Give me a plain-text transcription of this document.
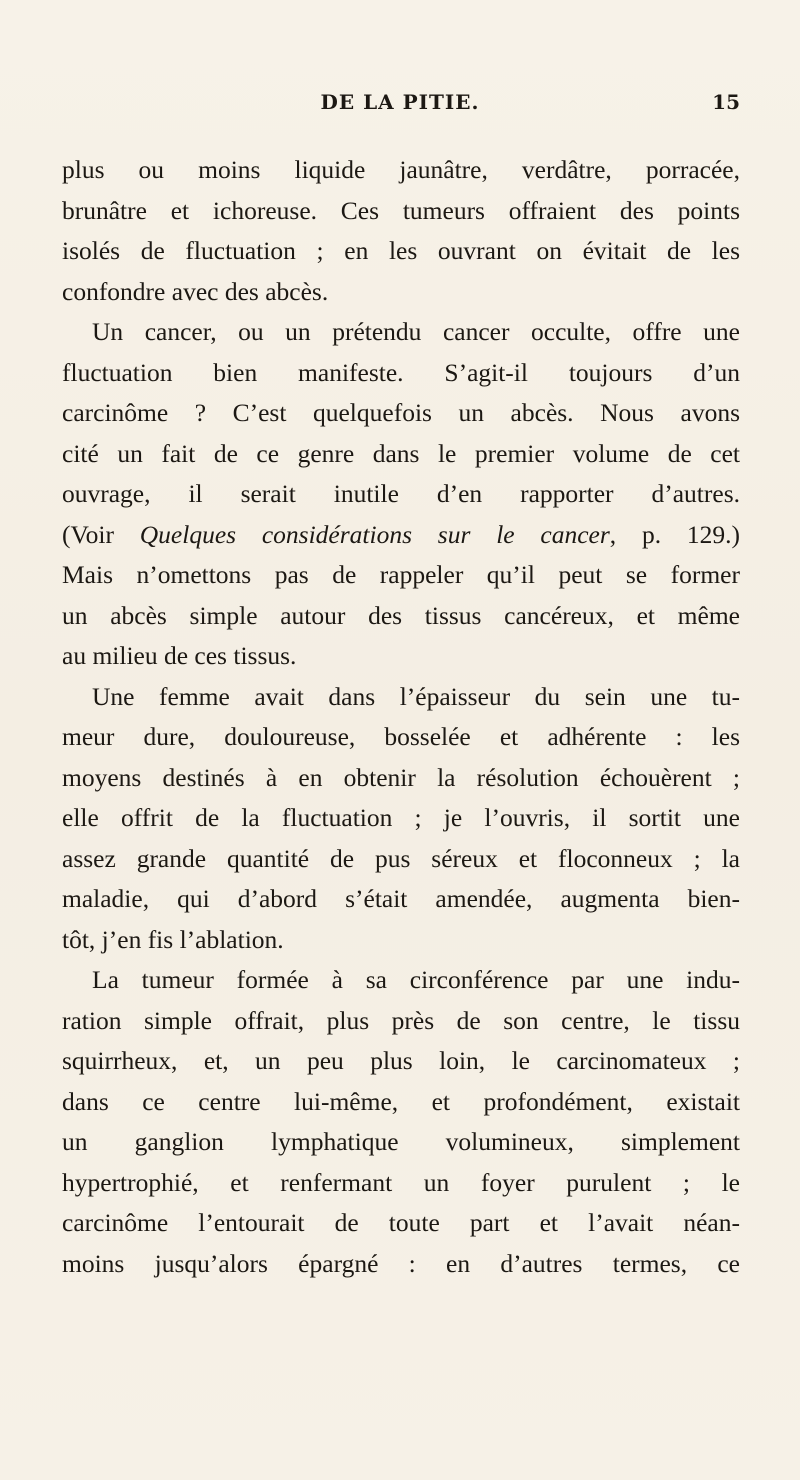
DE LA PITIE.	15
plus ou moins liquide jaunâtre, verdâtre, porracée,
brunâtre et ichoreuse. Ces tumeurs offraient des points
isolés de fluctuation ; en les ouvrant on évitait de les
confondre avec des abcès.
Un cancer, ou un prétendu cancer occulte, offre une
fluctuation bien manifeste. S’agit-il toujours d’un
carcinôme ? C’est quelquefois un abcès. Nous avons
cité un fait de ce genre dans le premier volume de cet
ouvrage, il serait inutile d’en rapporter d’autres.
(Voir Quelques considérations sur le cancer, p. 129.)
Mais n’omettons pas de rappeler qu’il peut se former
un abcès simple autour des tissus cancéreux, et même
au milieu de ces tissus.
Une femme avait dans l’épaisseur du sein une tu-
meur dure, douloureuse, bosselée et adhérente : les
moyens destinés à en obtenir la résolution échouèrent ;
elle offrit de la fluctuation ; je l’ouvris, il sortit une
assez grande quantité de pus séreux et floconneux ; la
maladie, qui d’abord s’était amendée, augmenta bien-
tôt, j’en fis l’ablation.
La tumeur formée à sa circonférence par une indu-
ration simple offrait, plus près de son centre, le tissu
squirrheux, et, un peu plus loin, le carcinomateux ;
dans ce centre lui-même, et profondément, existait
un ganglion lymphatique volumineux, simplement
hypertrophié, et renfermant un foyer purulent ; le
carcinôme l’entourait de toute part et l’avait néan-
moins jusqu’alors épargné : en d’autres termes, ce
